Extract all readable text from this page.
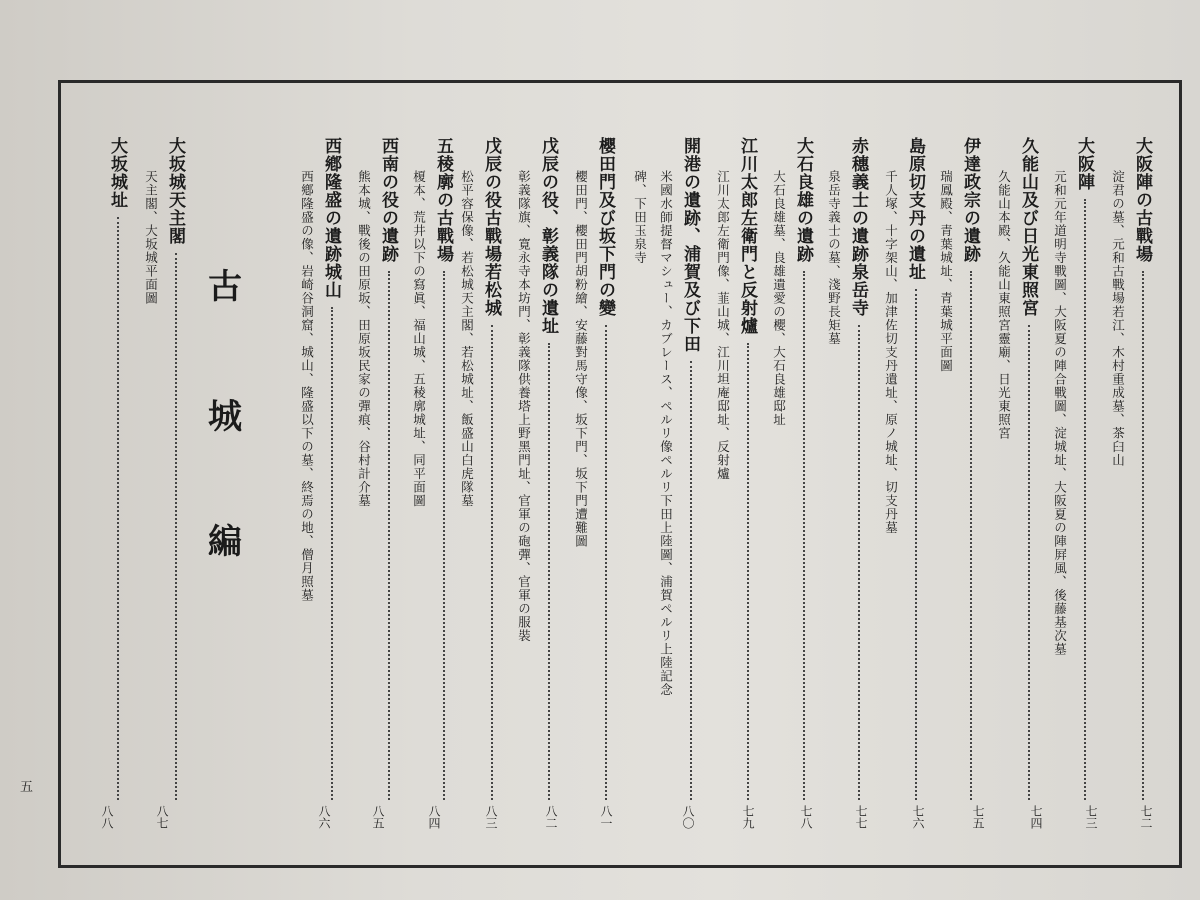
大阪陣の古戰場
七二
淀君の墓、元和古戰場若江、木村重成墓、茶臼山
大阪陣
七三
元和元年道明寺戰圖、大阪夏の陣合戰圖、淀城址、大阪夏の陣屛風、後藤基次墓
久能山及び日光東照宮
七四
久能山本殿、久能山東照宮靈廟、日光東照宮
伊達政宗の遺跡
七五
瑞鳳殿、青葉城址、青葉城平面圖
島原切支丹の遺址
七六
千人塚、十字架山、加津佐切支丹遺址、原ノ城址、切支丹墓
赤穗義士の遺跡泉岳寺
七七
泉岳寺義士の墓、淺野長矩墓
大石良雄の遺跡
七八
大石良雄墓、良雄遺愛の櫻、大石良雄邸址
江川太郎左衛門と反射爐
七九
江川太郎左衛門像、韮山城、江川坦庵邸址、反射爐
開港の遺跡、浦賀及び下田
八〇
米國水師提督マシュー、カブレース、ペルリ像ペルリ下田上陸圖、浦賀ペルリ上陸記念
碑、下田玉泉寺
櫻田門及び坂下門の變
八一
櫻田門、櫻田門胡粉繪、安藤對馬守像、坂下門、坂下門遭難圖
戊辰の役、彰義隊の遺址
八二
彰義隊旗、寛永寺本坊門、彰義隊供養塔上野黑門址、官軍の砲彈、官軍の服裝
戊辰の役古戰場若松城
八三
松平容保像、若松城天主閣、若松城址、飯盛山白虎隊墓
五稜廓の古戰場
八四
榎本、荒井以下の寫眞、福山城、五稜廓城址、同平面圖
西南の役の遺跡
八五
熊本城、戰後の田原坂、田原坂民家の彈痕、谷村計介墓
西鄕隆盛の遺跡城山
八六
西鄕隆盛の像、岩崎谷洞窟、城山、隆盛以下の墓、終焉の地、僧月照墓
大坂城天主閣
八七
天主閣、大坂城平面圖
大坂城址
八八
古
城
編
五
